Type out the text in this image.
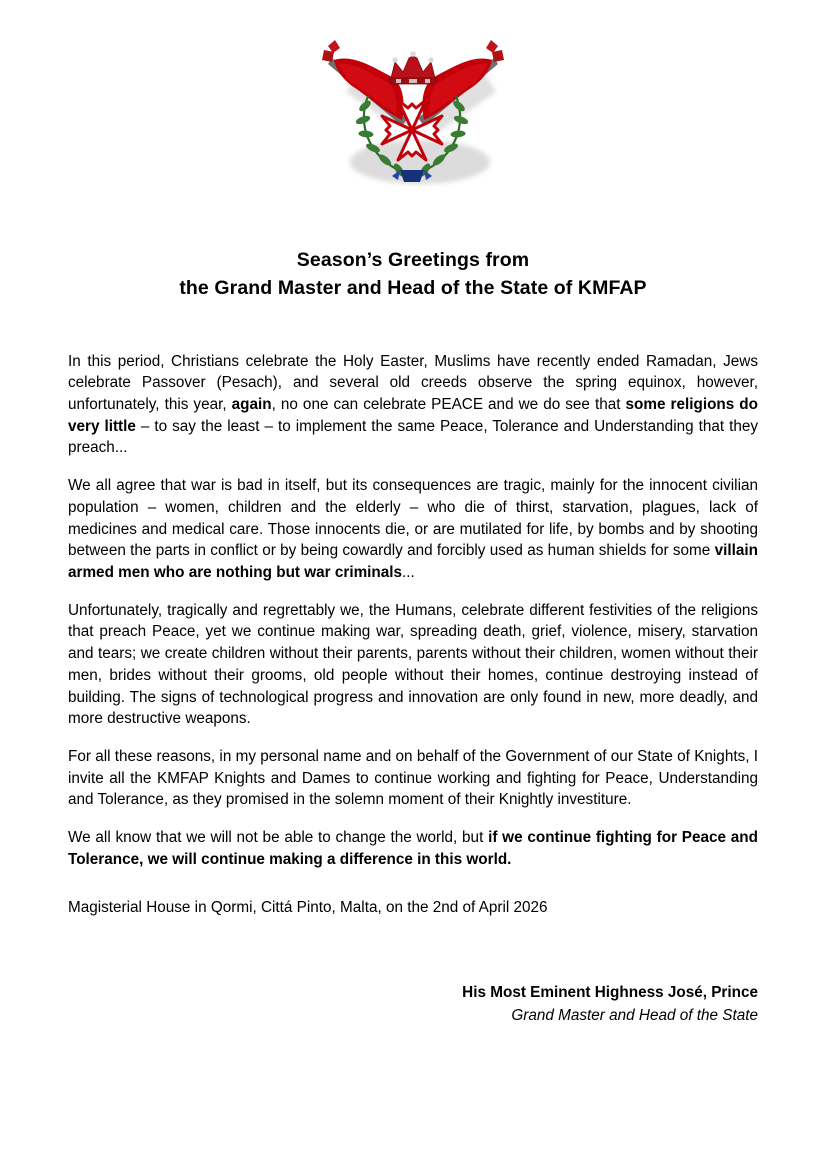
Season’s Greetings from
the Grand Master and Head of the State of KMFAP

In this period, Christians celebrate the Holy Easter, Muslims have recently ended Ramadan, Jews celebrate Passover (Pesach), and several old creeds observe the spring equinox, however, unfortunately, this year, again, no one can celebrate PEACE and we do see that some religions do very little – to say the least – to implement the same Peace, Tolerance and Understanding that they preach...

We all agree that war is bad in itself, but its consequences are tragic, mainly for the innocent civilian population – women, children and the elderly – who die of thirst, starvation, plagues, lack of medicines and medical care. Those innocents die, or are mutilated for life, by bombs and by shooting between the parts in conflict or by being cowardly and forcibly used as human shields for some villain armed men who are nothing but war criminals...

Unfortunately, tragically and regrettably we, the Humans, celebrate different festivities of the religions that preach Peace, yet we continue making war, spreading death, grief, violence, misery, starvation and tears; we create children without their parents, parents without their children, women without their men, brides without their grooms, old people without their homes, continue destroying instead of building. The signs of technological progress and innovation are only found in new, more deadly, and more destructive weapons.

For all these reasons, in my personal name and on behalf of the Government of our State of Knights, I invite all the KMFAP Knights and Dames to continue working and fighting for Peace, Understanding and Tolerance, as they promised in the solemn moment of their Knightly investiture.

We all know that we will not be able to change the world, but if we continue fighting for Peace and Tolerance, we will continue making a difference in this world.

Magisterial House in Qormi, Cittá Pinto, Malta, on the 2nd of April 2026

His Most Eminent Highness José, Prince
Grand Master and Head of the State
